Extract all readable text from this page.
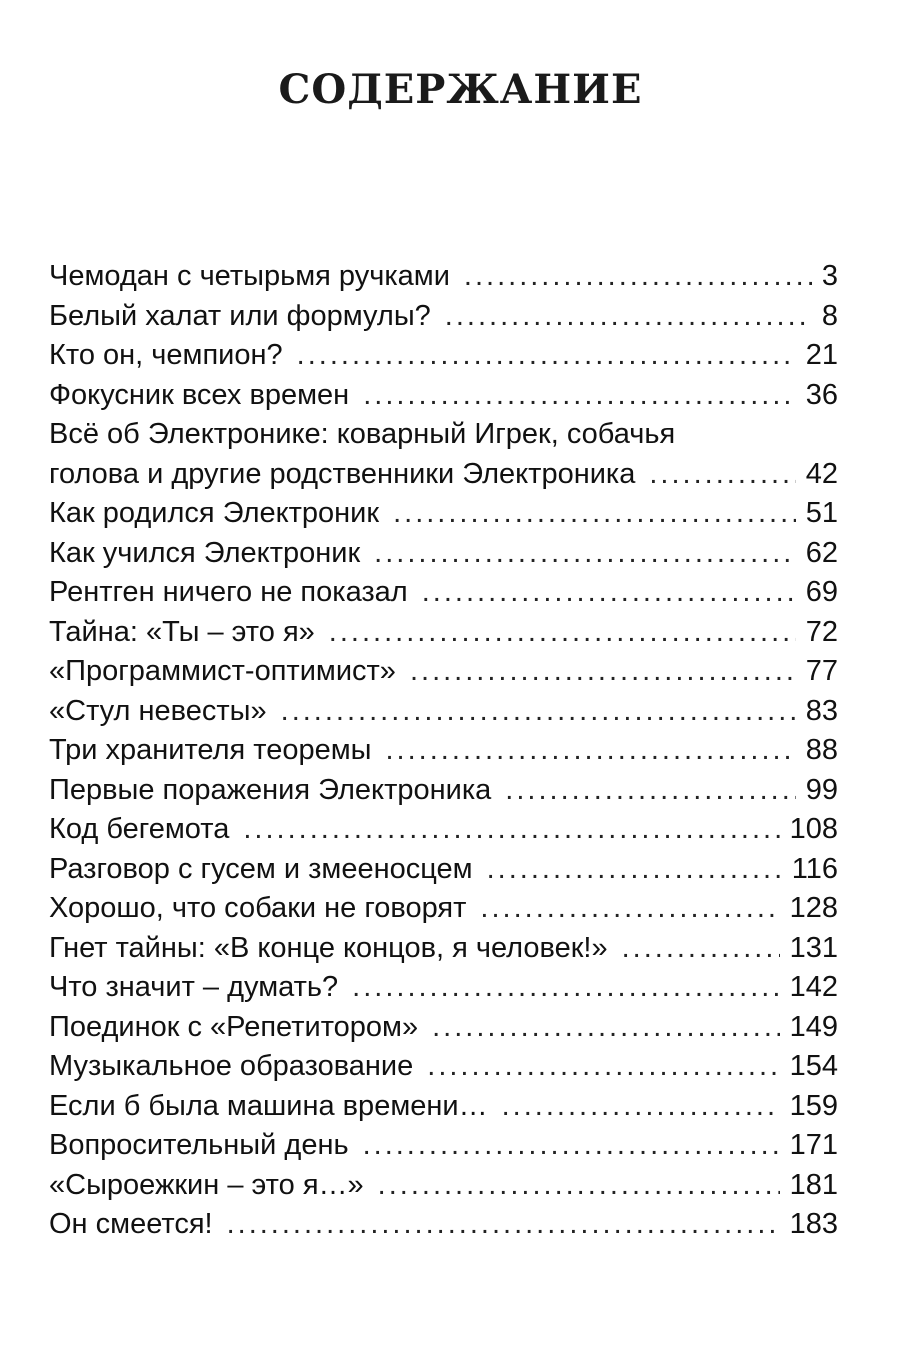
СОДЕРЖАНИЕ
Чемодан с четырьмя ручками .....	3
Белый халат или формулы? .....	8
Кто он, чемпион? .....	21
Фокусник всех времен .....	36
Всё об Электронике: коварный Игрек, собачья
голова и другие родственники Электроника .....	42
Как родился Электроник .....	51
Как учился Электроник .....	62
Рентген ничего не показал .....	69
Тайна: «Ты – это я» .....	72
«Программист-оптимист» .....	77
«Стул невесты» .....	83
Три хранителя теоремы .....	88
Первые поражения Электроника .....	99
Код бегемота .....	108
Разговор с гусем и змееносцем .....	116
Хорошо, что собаки не говорят .....	128
Гнет тайны: «В конце концов, я человек!» .....	131
Что значит – думать? .....	142
Поединок с «Репетитором» .....	149
Музыкальное образование .....	154
Если б была машина времени… .....	159
Вопросительный день .....	171
«Сыроежкин – это я…» .....	181
Он смеется! .....	183
